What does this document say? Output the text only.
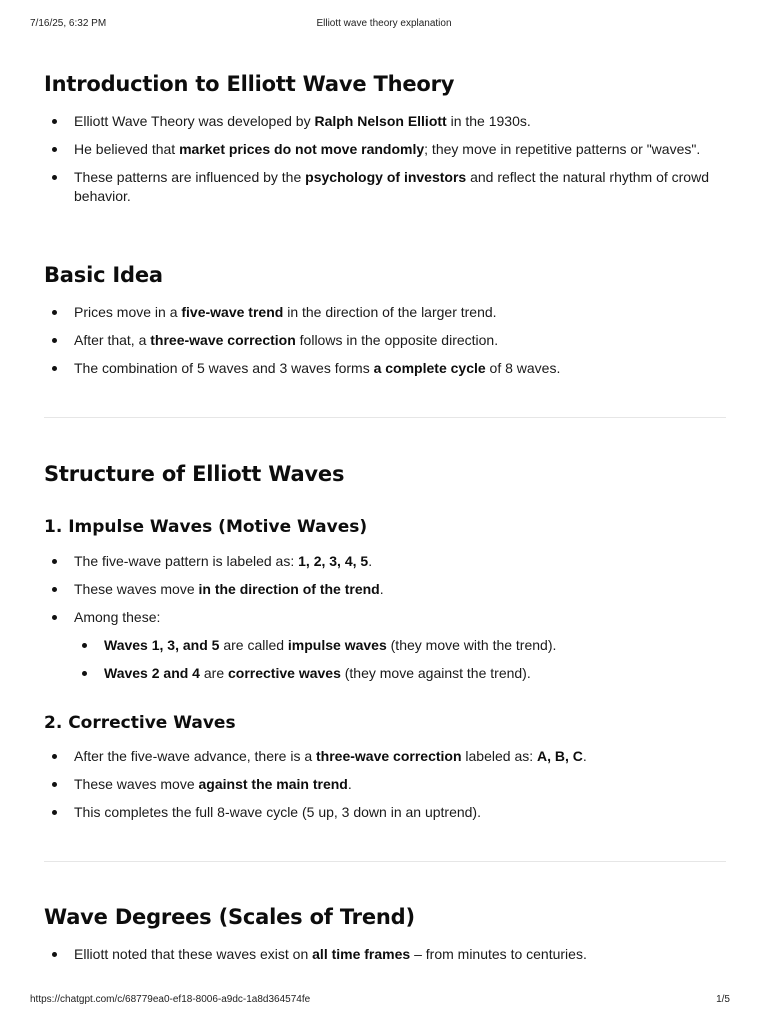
7/16/25, 6:32 PM	Elliott wave theory explanation
Introduction to Elliott Wave Theory
Elliott Wave Theory was developed by Ralph Nelson Elliott in the 1930s.
He believed that market prices do not move randomly; they move in repetitive patterns or "waves".
These patterns are influenced by the psychology of investors and reflect the natural rhythm of crowd behavior.
Basic Idea
Prices move in a five-wave trend in the direction of the larger trend.
After that, a three-wave correction follows in the opposite direction.
The combination of 5 waves and 3 waves forms a complete cycle of 8 waves.
Structure of Elliott Waves
1. Impulse Waves (Motive Waves)
The five-wave pattern is labeled as: 1, 2, 3, 4, 5.
These waves move in the direction of the trend.
Among these:
Waves 1, 3, and 5 are called impulse waves (they move with the trend).
Waves 2 and 4 are corrective waves (they move against the trend).
2. Corrective Waves
After the five-wave advance, there is a three-wave correction labeled as: A, B, C.
These waves move against the main trend.
This completes the full 8-wave cycle (5 up, 3 down in an uptrend).
Wave Degrees (Scales of Trend)
Elliott noted that these waves exist on all time frames – from minutes to centuries.
https://chatgpt.com/c/68779ea0-ef18-8006-a9dc-1a8d364574fe	1/5
